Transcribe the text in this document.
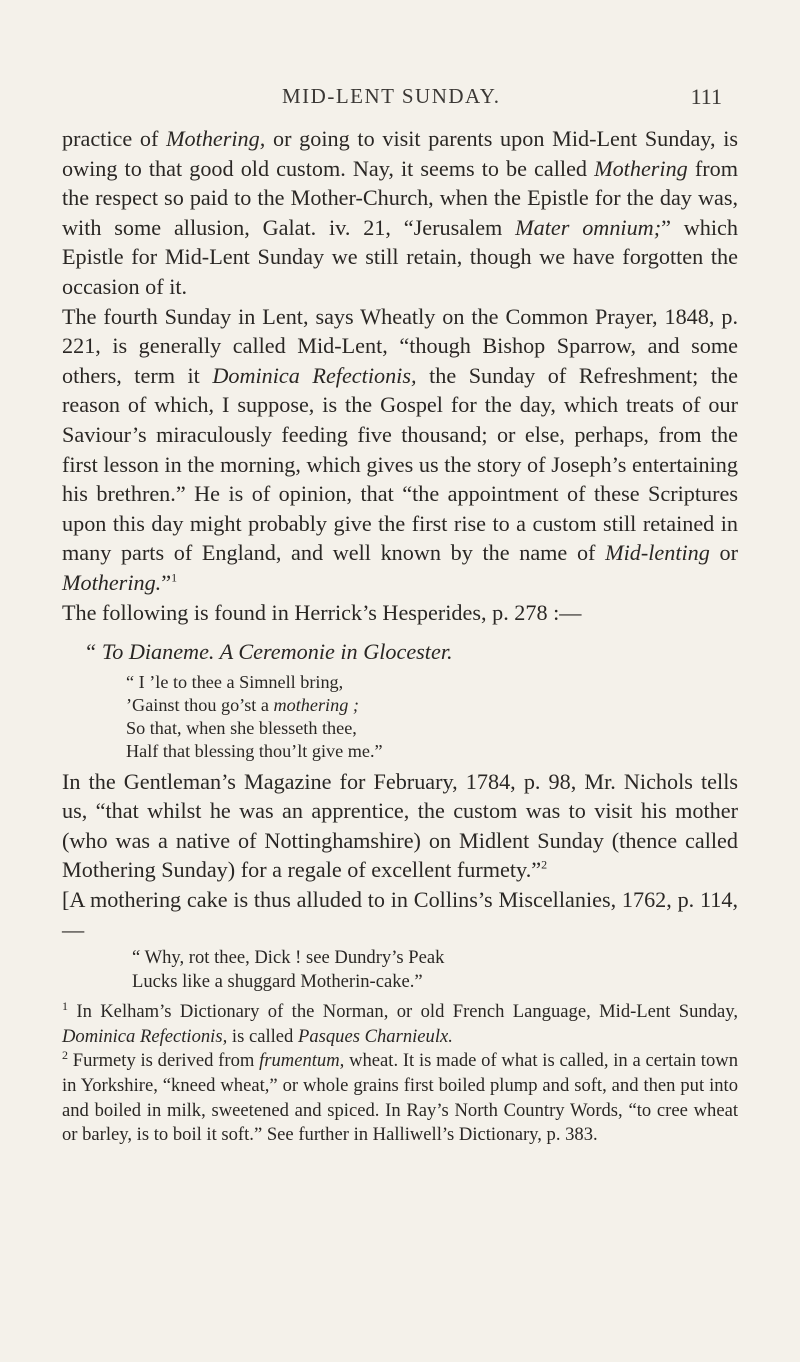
MID-LENT SUNDAY.	111

practice of Mothering, or going to visit parents upon Mid-Lent Sunday, is owing to that good old custom. Nay, it seems to be called Mothering from the respect so paid to the Mother-Church, when the Epistle for the day was, with some allusion, Galat. iv. 21, “Jerusalem Mater omnium;” which Epistle for Mid-Lent Sunday we still retain, though we have forgotten the occasion of it.

The fourth Sunday in Lent, says Wheatly on the Common Prayer, 1848, p. 221, is generally called Mid-Lent, “though Bishop Sparrow, and some others, term it Dominica Refectionis, the Sunday of Refreshment; the reason of which, I suppose, is the Gospel for the day, which treats of our Saviour’s miraculously feeding five thousand; or else, perhaps, from the first lesson in the morning, which gives us the story of Joseph’s entertaining his brethren.” He is of opinion, that “the appointment of these Scriptures upon this day might probably give the first rise to a custom still retained in many parts of England, and well known by the name of Mid-lenting or Mothering.”$^1$

The following is found in Herrick’s Hesperides, p. 278 :—

“ To Dianeme. A Ceremonie in Glocester.

“ I ’le to thee a Simnell bring,
’Gainst thou go’st a mothering ;
So that, when she blesseth thee,
Half that blessing thou’lt give me.”

In the Gentleman’s Magazine for February, 1784, p. 98, Mr. Nichols tells us, “that whilst he was an apprentice, the custom was to visit his mother (who was a native of Nottinghamshire) on Midlent Sunday (thence called Mothering Sunday) for a regale of excellent furmety.”$^2$

[A mothering cake is thus alluded to in Collins’s Miscellanies, 1762, p. 114,—

“ Why, rot thee, Dick ! see Dundry’s Peak
Lucks like a shuggard Motherin-cake.”

$^1$ In Kelham’s Dictionary of the Norman, or old French Language, Mid-Lent Sunday, Dominica Refectionis, is called Pasques Charnieulx.

$^2$ Furmety is derived from frumentum, wheat. It is made of what is called, in a certain town in Yorkshire, “kneed wheat,” or whole grains first boiled plump and soft, and then put into and boiled in milk, sweetened and spiced. In Ray’s North Country Words, “to cree wheat or barley, is to boil it soft.” See further in Halliwell’s Dictionary, p. 383.
